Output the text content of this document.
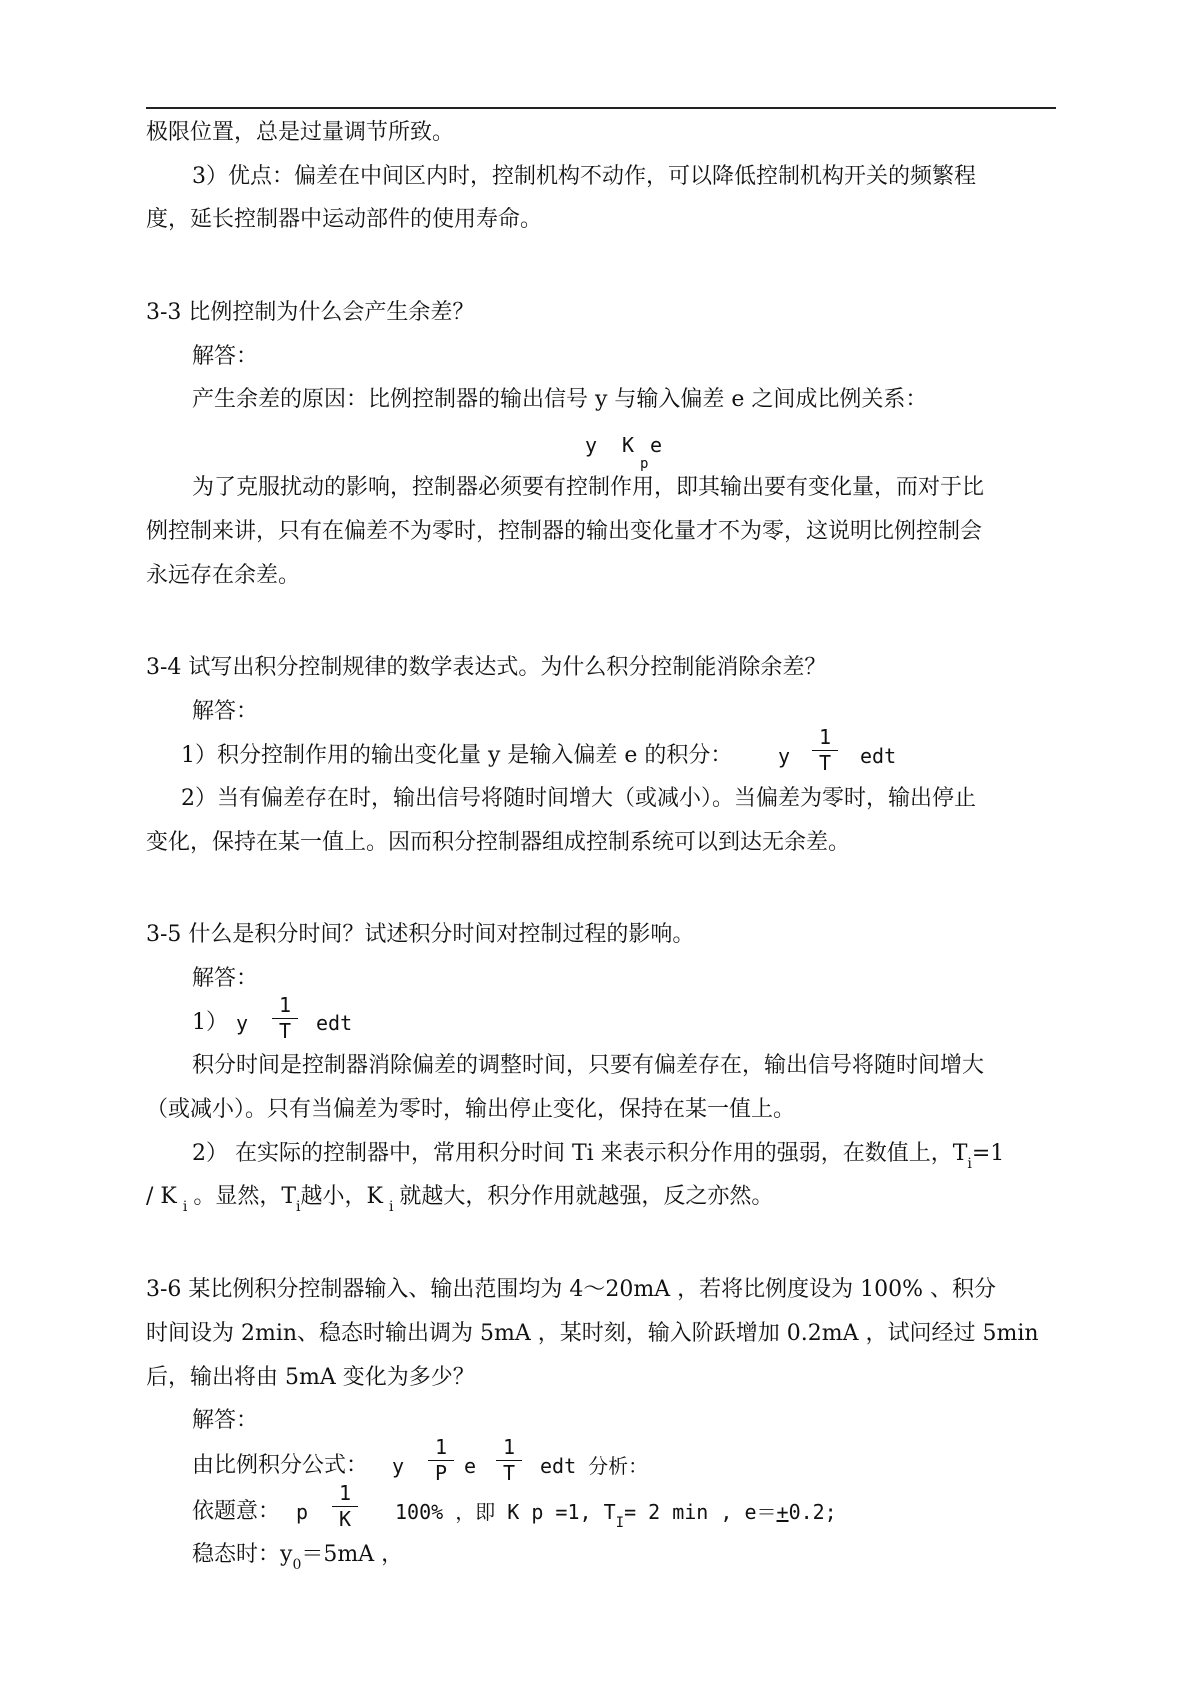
极限位置，总是过量调节所致。
3）优点：偏差在中间区内时，控制机构不动作，可以降低控制机构开关的频繁程
度，延长控制器中运动部件的使用寿命。
3-3 比例控制为什么会产生余差？
解答：
产生余差的原因：比例控制器的输出信号 y 与输入偏差 e 之间成比例关系：
y K
p
e
为了克服扰动的影响，控制器必须要有控制作用，即其输出要有变化量，而对于比
例控制来讲，只有在偏差不为零时，控制器的输出变化量才不为零，这说明比例控制会
永远存在余差。
3-4 试写出积分控制规律的数学表达式。为什么积分控制能消除余差？
解答：
1）积分控制作用的输出变化量 y 是输入偏差 e 的积分： y $\frac{1}{T}$ edt
2）当有偏差存在时，输出信号将随时间增大（或减小）。当偏差为零时，输出停止
变化，保持在某一值上。因而积分控制器组成控制系统可以到达无余差。
3-5 什么是积分时间？试述积分时间对控制过程的影响。
解答：
1） y $\frac{1}{T}$ edt
积分时间是控制器消除偏差的调整时间，只要有偏差存在，输出信号将随时间增大
（或减小）。只有当偏差为零时，输出停止变化，保持在某一值上。
2） 在实际的控制器中，常用积分时间 Ti 来表示积分作用的强弱，在数值上，$T_i=1$
/ K $_i$ 。显然，$T_i$越小，K $_i$ 就越大，积分作用就越强，反之亦然。
3-6 某比例积分控制器输入、输出范围均为 4～20mA ，若将比例度设为 100% 、积分
时间设为 2min、稳态时输出调为 5mA ，某时刻，输入阶跃增加 0.2mA ，试问经过 5min
后，输出将由 5mA 变化为多少？
解答：
由比例积分公式： y $\frac{1}{P}$ e $\frac{1}{T}$ edt 分析：
依题意： p $\frac{1}{K} 100\%$ ，即 K p =1, $T_I= 2$ min , e＝+0.2;
稳态时：$y_0=5mA$ ，
